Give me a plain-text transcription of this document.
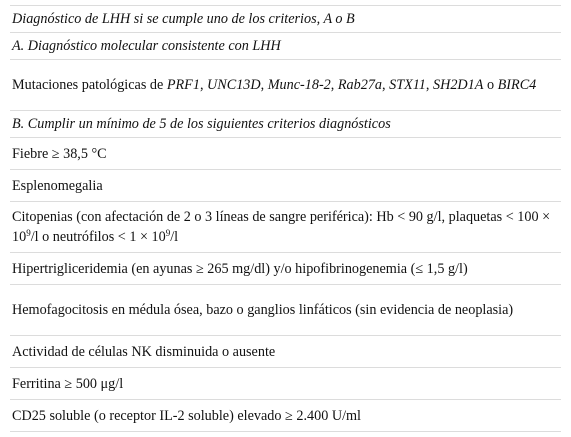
Diagnóstico de LHH si se cumple uno de los criterios, A o B
A. Diagnóstico molecular consistente con LHH
Mutaciones patológicas de PRF1, UNC13D, Munc-18-2, Rab27a, STX11, SH2D1A o BIRC4
B. Cumplir un mínimo de 5 de los siguientes criterios diagnósticos
Fiebre ≥ 38,5 °C
Esplenomegalia
Citopenias (con afectación de 2 o 3 líneas de sangre periférica): Hb < 90 g/l, plaquetas < $100 \times 10^9/l$ o neutrófilos < $1 \times 10^9/l$
Hipertrigliceridemia (en ayunas ≥ 265 mg/dl) y/o hipofibrinogenemia (≤ 1,5 g/l)
Hemofagocitosis en médula ósea, bazo o ganglios linfáticos (sin evidencia de neoplasia)
Actividad de células NK disminuida o ausente
Ferritina ≥ 500 μg/l
CD25 soluble (o receptor IL-2 soluble) elevado ≥ 2.400 U/ml
